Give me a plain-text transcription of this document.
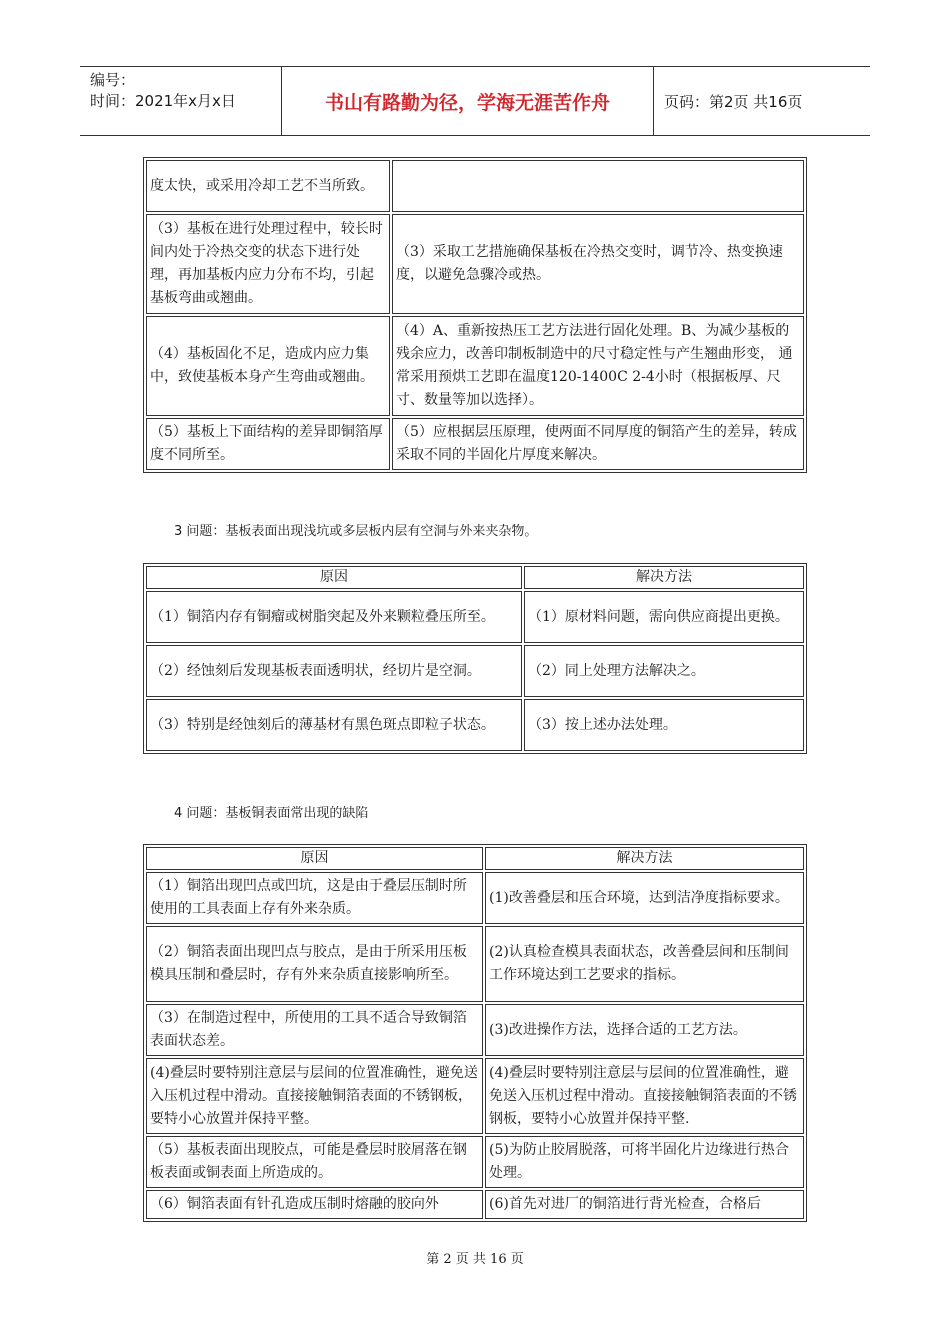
编号：
时间：2021年x月x日	书山有路勤为径，学海无涯苦作舟	页码：第2页 共16页
度太快，或采用冷却工艺不当所致。	
（3）基板在进行处理过程中，较长时间内处于冷热交变的状态下进行处理，再加基板内应力分布不均，引起基板弯曲或翘曲。	（3）采取工艺措施确保基板在冷热交变时，调节冷、热变换速度，以避免急骤冷或热。
（4）基板固化不足，造成内应力集中，致使基板本身产生弯曲或翘曲。	（4）A、重新按热压工艺方法进行固化处理。B、为减少基板的残余应力，改善印制板制造中的尺寸稳定性与产生翘曲形变， 通常采用预烘工艺即在温度120-1400C 2-4小时（根据板厚、尺寸、数量等加以选择）。
（5）基板上下面结构的差异即铜箔厚度不同所至。	（5）应根据层压原理，使两面不同厚度的铜箔产生的差异，转成采取不同的半固化片厚度来解决。
3 问题：基板表面出现浅坑或多层板内层有空洞与外来夹杂物。
原因	解决方法
（1）铜箔内存有铜瘤或树脂突起及外来颗粒叠压所至。	（1）原材料问题，需向供应商提出更换。
（2）经蚀刻后发现基板表面透明状，经切片是空洞。	（2）同上处理方法解决之。
（3）特别是经蚀刻后的薄基材有黑色斑点即粒子状态。	（3）按上述办法处理。
4 问题：基板铜表面常出现的缺陷
原因	解决方法
（1）铜箔出现凹点或凹坑，这是由于叠层压制时所使用的工具表面上存有外来杂质。	(1)改善叠层和压合环境，达到洁净度指标要求。
（2）铜箔表面出现凹点与胶点，是由于所采用压板模具压制和叠层时，存有外来杂质直接影响所至。	(2)认真检查模具表面状态，改善叠层间和压制间工作环境达到工艺要求的指标。
（3）在制造过程中，所使用的工具不适合导致铜箔表面状态差。	(3)改进操作方法，选择合适的工艺方法。
(4)叠层时要特别注意层与层间的位置准确性，避免送入压机过程中滑动。直接接触铜箔表面的不锈钢板，要特小心放置并保持平整。	(4)叠层时要特别注意层与层间的位置准确性，避免送入压机过程中滑动。直接接触铜箔表面的不锈钢板，要特小心放置并保持平整.
（5）基板表面出现胶点，可能是叠层时胶屑落在钢板表面或铜表面上所造成的。	(5)为防止胶屑脱落，可将半固化片边缘进行热合处理。
（6）铜箔表面有针孔造成压制时熔融的胶向外	(6)首先对进厂的铜箔进行背光检查，合格后
第 2 页 共 16 页
